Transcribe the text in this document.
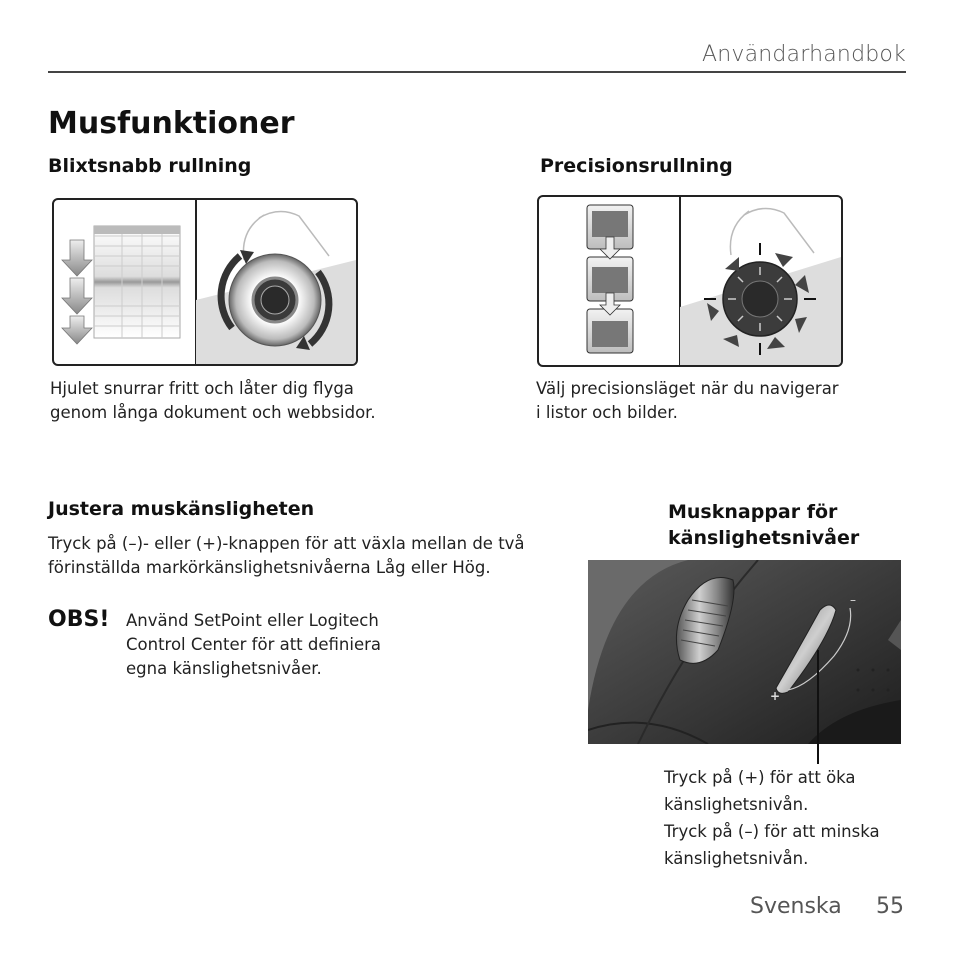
Användarhandbok
Musfunktioner
Blixtsnabb rullning
Hjulet snurrar fritt och låter dig flyga
genom långa dokument och webbsidor.
Precisionsrullning
Välj precisionsläget när du navigerar
i listor och bilder.
Justera muskänsligheten
Tryck på (–)- eller (+)-knappen för att växla mellan de två
förinställda markörkänslighetsnivåerna Låg eller Hög.
OBS! Använd SetPoint eller Logitech
Control Center för att definiera
egna känslighetsnivåer.
Musknappar för
känslighetsnivåer
–
+
Tryck på (+) för att öka
känslighetsnivån.
Tryck på (–) för att minska
känslighetsnivån.
Svenska 55
